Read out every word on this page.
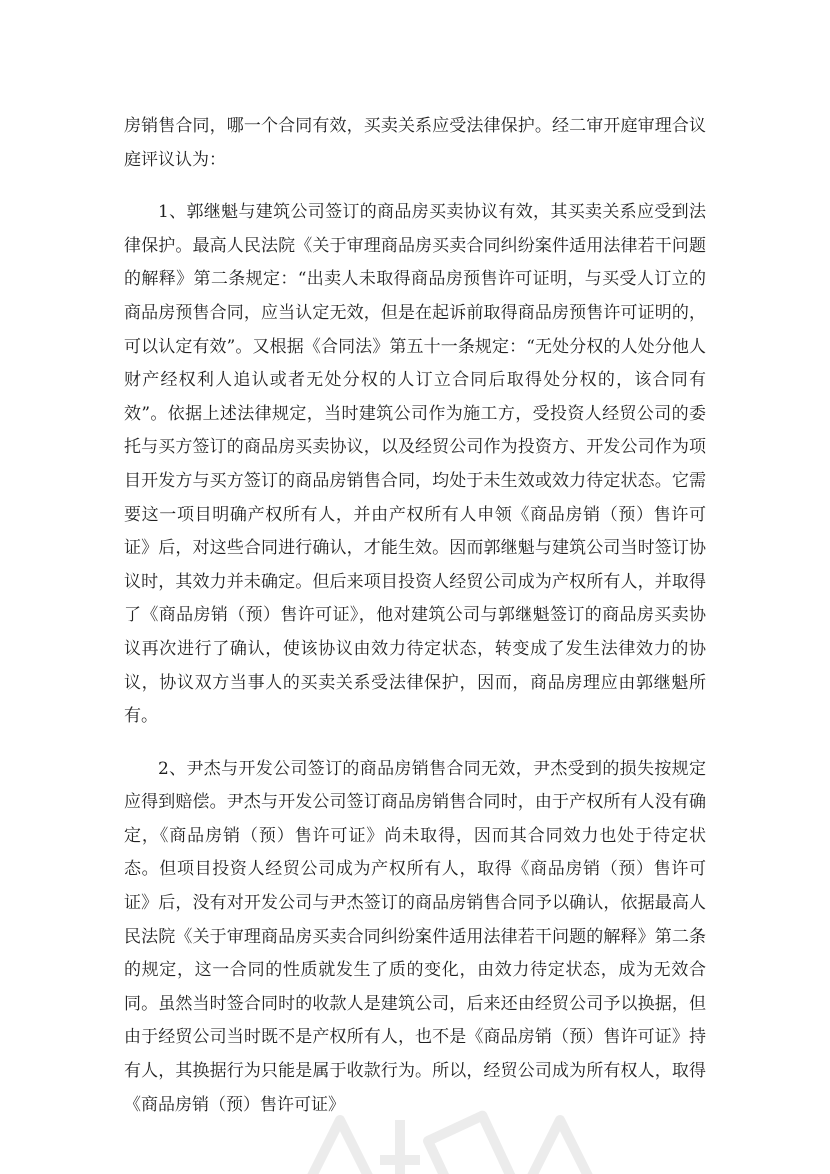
房销售合同，哪一个合同有效，买卖关系应受法律保护。经二审开庭审理合议庭评议认为：

1、郭继魁与建筑公司签订的商品房买卖协议有效，其买卖关系应受到法律保护。最高人民法院《关于审理商品房买卖合同纠纷案件适用法律若干问题的解释》第二条规定：“出卖人未取得商品房预售许可证明，与买受人订立的商品房预售合同，应当认定无效，但是在起诉前取得商品房预售许可证明的，可以认定有效”。又根据《合同法》第五十一条规定：“无处分权的人处分他人财产经权利人追认或者无处分权的人订立合同后取得处分权的，该合同有效”。依据上述法律规定，当时建筑公司作为施工方，受投资人经贸公司的委托与买方签订的商品房买卖协议，以及经贸公司作为投资方、开发公司作为项目开发方与买方签订的商品房销售合同，均处于未生效或效力待定状态。它需要这一项目明确产权所有人，并由产权所有人申领《商品房销（预）售许可证》后，对这些合同进行确认，才能生效。因而郭继魁与建筑公司当时签订协议时，其效力并未确定。但后来项目投资人经贸公司成为产权所有人，并取得了《商品房销（预）售许可证》，他对建筑公司与郭继魁签订的商品房买卖协议再次进行了确认，使该协议由效力待定状态，转变成了发生法律效力的协议，协议双方当事人的买卖关系受法律保护，因而，商品房理应由郭继魁所有。

2、尹杰与开发公司签订的商品房销售合同无效，尹杰受到的损失按规定应得到赔偿。尹杰与开发公司签订商品房销售合同时，由于产权所有人没有确定，《商品房销（预）售许可证》尚未取得，因而其合同效力也处于待定状态。但项目投资人经贸公司成为产权所有人，取得《商品房销（预）售许可证》后，没有对开发公司与尹杰签订的商品房销售合同予以确认，依据最高人民法院《关于审理商品房买卖合同纠纷案件适用法律若干问题的解释》第二条的规定，这一合同的性质就发生了质的变化，由效力待定状态，成为无效合同。虽然当时签合同时的收款人是建筑公司，后来还由经贸公司予以换据，但由于经贸公司当时既不是产权所有人，也不是《商品房销（预）售许可证》持有人，其换据行为只能是属于收款行为。所以，经贸公司成为所有权人，取得《商品房销（预）售许可证》
